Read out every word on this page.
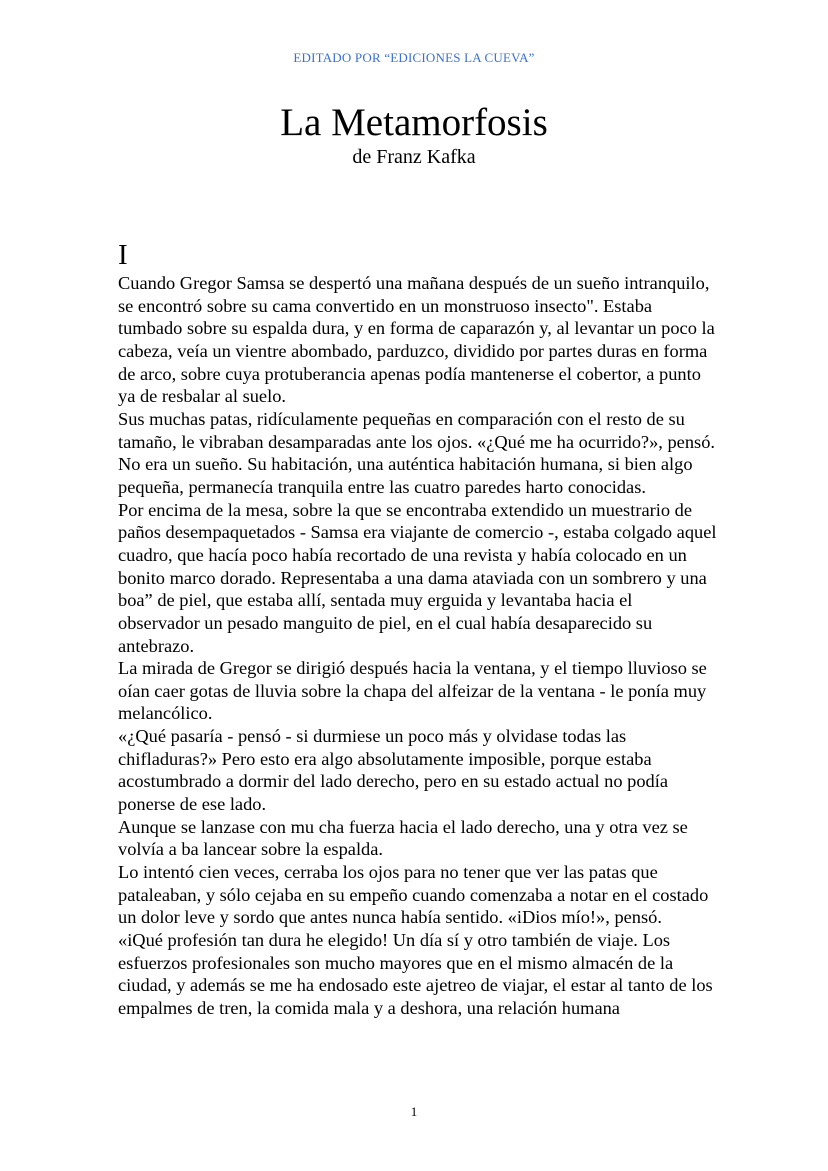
EDITADO POR “EDICIONES LA CUEVA”
La Metamorfosis
de Franz Kafka
I

Cuando Gregor Samsa se despertó una mañana después de un sueño intranquilo, se encontró sobre su cama convertido en un monstruoso insecto". Estaba tumbado sobre su espalda dura, y en forma de caparazón y, al levantar un poco la cabeza, veía un vientre abombado, parduzco, dividido por partes duras en forma de arco, sobre cuya protuberancia apenas podía mantenerse el cobertor, a punto ya de resbalar al suelo.

Sus muchas patas, ridículamente pequeñas en comparación con el resto de su tamaño, le vibraban desamparadas ante los ojos. «¿Qué me ha ocurrido?», pensó. No era un sueño. Su habitación, una auténtica habitación humana, si bien algo pequeña, permanecía tranquila entre las cuatro paredes harto conocidas.

Por encima de la mesa, sobre la que se encontraba extendido un muestrario de paños desempaquetados - Samsa era viajante de comercio -, estaba colgado aquel cuadro, que hacía poco había recortado de una revista y había colocado en un bonito marco dorado. Representaba a una dama ataviada con un sombrero y una boa” de piel, que estaba allí, sentada muy erguida y levantaba hacia el observador un pesado manguito de piel, en el cual había desaparecido su antebrazo.

La mirada de Gregor se dirigió después hacia la ventana, y el tiempo lluvioso se oían caer gotas de lluvia sobre la chapa del alfeizar de la ventana - le ponía muy melancólico.

«¿Qué pasaría - pensó - si durmiese un poco más y olvidase todas las chifladuras?» Pero esto era algo absolutamente imposible, porque estaba acostumbrado a dormir del lado derecho, pero en su estado actual no podía ponerse de ese lado.

Aunque se lanzase con mu cha fuerza hacia el lado derecho, una y otra vez se volvía a ba lancear sobre la espalda.

Lo intentó cien veces, cerraba los ojos para no tener que ver las patas que pataleaban, y sólo cejaba en su empeño cuando comenzaba a notar en el costado un dolor leve y sordo que antes nunca había sentido. «iDios mío!», pensó.

«iQué profesión tan dura he elegido! Un día sí y otro también de viaje. Los esfuerzos profesionales son mucho mayores que en el mismo almacén de la ciudad, y además se me ha endosado este ajetreo de viajar, el estar al tanto de los empalmes de tren, la comida mala y a deshora, una relación humana

1
